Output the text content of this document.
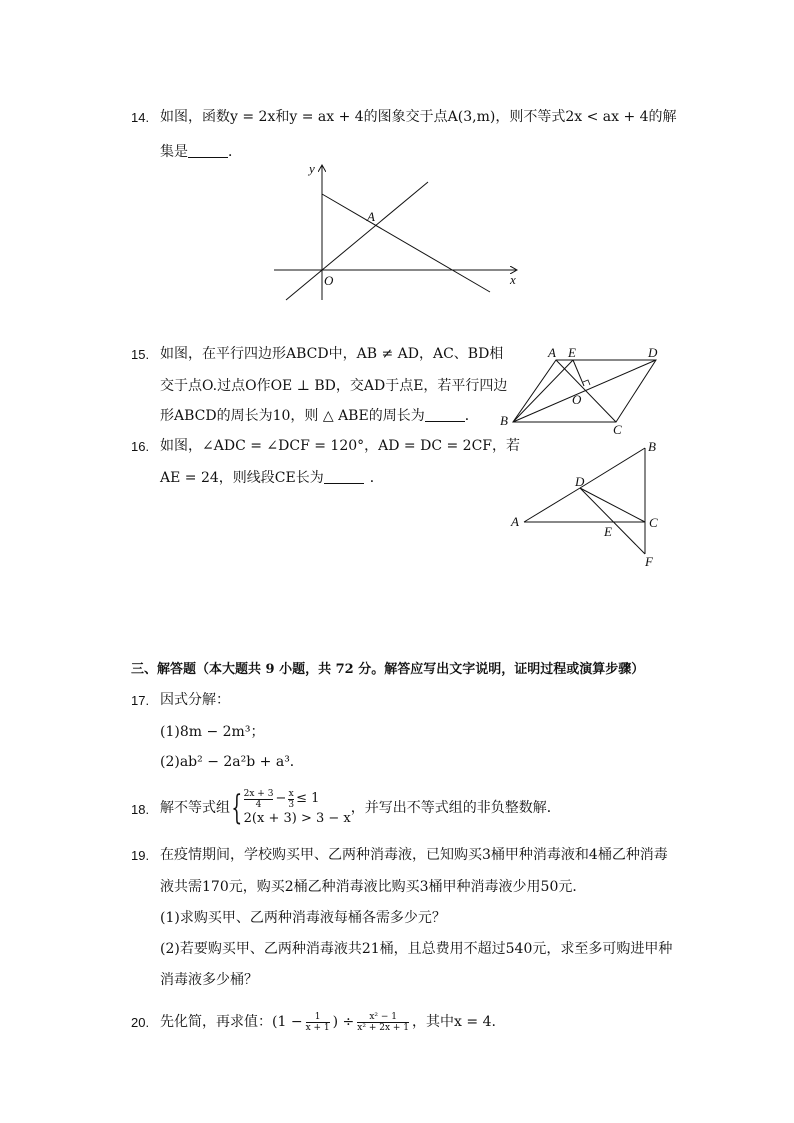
14. 如图，函数y = 2x和y = ax + 4的图象交于点A(3,m)，则不等式2x < ax + 4的解
集是	．
y
x
O
A
15. 如图，在平行四边形ABCD中，AB ≠ AD，AC、BD相
交于点O.过点O作OE ⊥ BD，交AD于点E，若平行四边
形ABCD的周长为10，则 △ ABE的周长为	．
A E	D
O
B
C
16. 如图，∠ADC = ∠DCF = 120°，AD = DC = 2CF，若
AE = 24，则线段CE长为	．
B
D
A	C
E
F
三、解答题（本大题共 9 小题，共 72 分。解答应写出文字说明，证明过程或演算步骤）
17. 因式分解：
(1)8m − 2m³；
(2)ab² − 2a²b + a³．
18. 解不等式组 { $\frac{2x + 3}{4} - \frac{x}{3} \le 1$
2(x + 3) > 3 − x
，并写出不等式组的非负整数解．
19. 在疫情期间，学校购买甲、乙两种消毒液，已知购买3桶甲种消毒液和4桶乙种消毒
液共需170元，购买2桶乙种消毒液比购买3桶甲种消毒液少用50元．
(1)求购买甲、乙两种消毒液每桶各需多少元？
(2)若要购买甲、乙两种消毒液共21桶，且总费用不超过540元，求至多可购进甲种
消毒液多少桶？
20. 先化简，再求值：($1 - \frac{1}{x + 1}$ ) ÷ $\frac{\text{x² − 1}}{\text{x² + 2x + 1}}$ ，其中x = 4.
